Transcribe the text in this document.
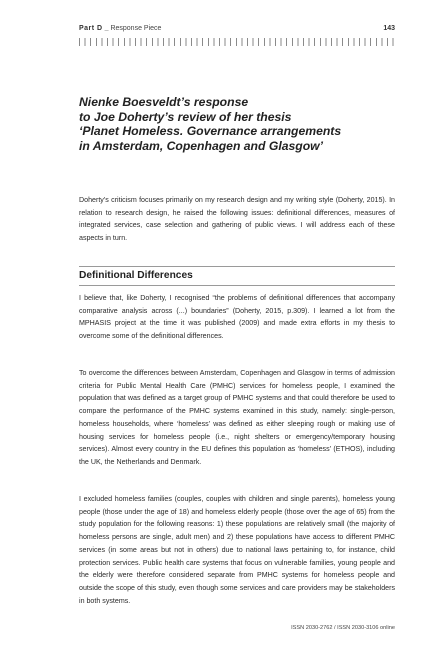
Part D _ Response Piece	143
Nienke Boesveldt’s response
to Joe Doherty’s review of her thesis
‘Planet Homeless. Governance arrangements
in Amsterdam, Copenhagen and Glasgow’

Doherty’s criticism focuses primarily on my research design and my writing style (Doherty, 2015). In relation to research design, he raised the following issues: definitional differences, measures of integrated services, case selection and gathering of public views. I will address each of these aspects in turn.

Definitional Differences

I believe that, like Doherty, I recognised “the problems of definitional differences that accompany comparative analysis across (...) boundaries” (Doherty, 2015, p.309). I learned a lot from the MPHASIS project at the time it was published (2009) and made extra efforts in my thesis to overcome some of the definitional differences.

To overcome the differences between Amsterdam, Copenhagen and Glasgow in terms of admission criteria for Public Mental Health Care (PMHC) services for homeless people, I examined the population that was defined as a target group of PMHC systems and that could therefore be used to compare the performance of the PMHC systems examined in this study, namely: single-person, homeless households, where ‘homeless’ was defined as either sleeping rough or making use of housing services for homeless people (i.e., night shelters or emergency/temporary housing services). Almost every country in the EU defines this population as ‘homeless’ (ETHOS), including the UK, the Netherlands and Denmark.

I excluded homeless families (couples, couples with children and single parents), homeless young people (those under the age of 18) and homeless elderly people (those over the age of 65) from the study population for the following reasons: 1) these populations are relatively small (the majority of homeless persons are single, adult men) and 2) these populations have access to different PMHC services (in some areas but not in others) due to national laws pertaining to, for instance, child protection services. Public health care systems that focus on vulnerable families, young people and the elderly were therefore considered separate from PMHC systems for homeless people and outside the scope of this study, even though some services and care providers may be stakeholders in both systems.

ISSN 2030-2762 / ISSN 2030-3106 online
